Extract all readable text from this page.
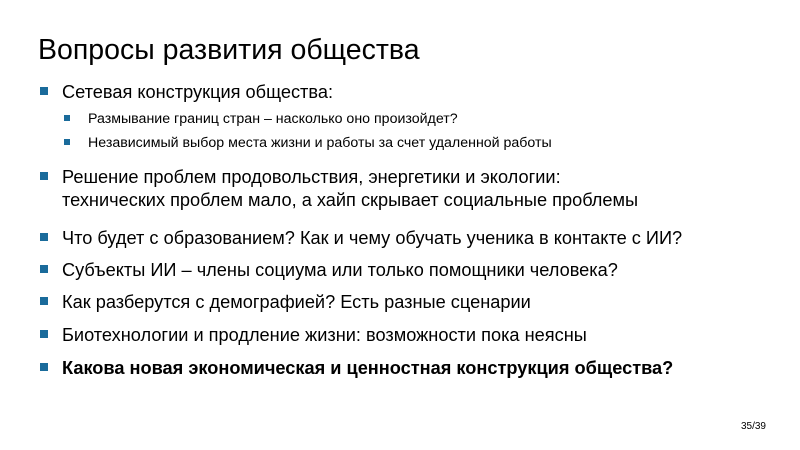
Вопросы развития общества
Сетевая конструкция общества:
Размывание границ стран – насколько оно произойдет?
Независимый выбор места жизни и работы за счет удаленной работы
Решение проблем продовольствия, энергетики и экологии:
технических проблем мало, а хайп скрывает социальные проблемы
Что будет с образованием? Как и чему обучать ученика в контакте с ИИ?
Субъекты ИИ – члены социума или только помощники человека?
Как разберутся с демографией? Есть разные сценарии
Биотехнологии и продление жизни: возможности пока неясны
Какова новая экономическая и ценностная конструкция общества?
35/39
